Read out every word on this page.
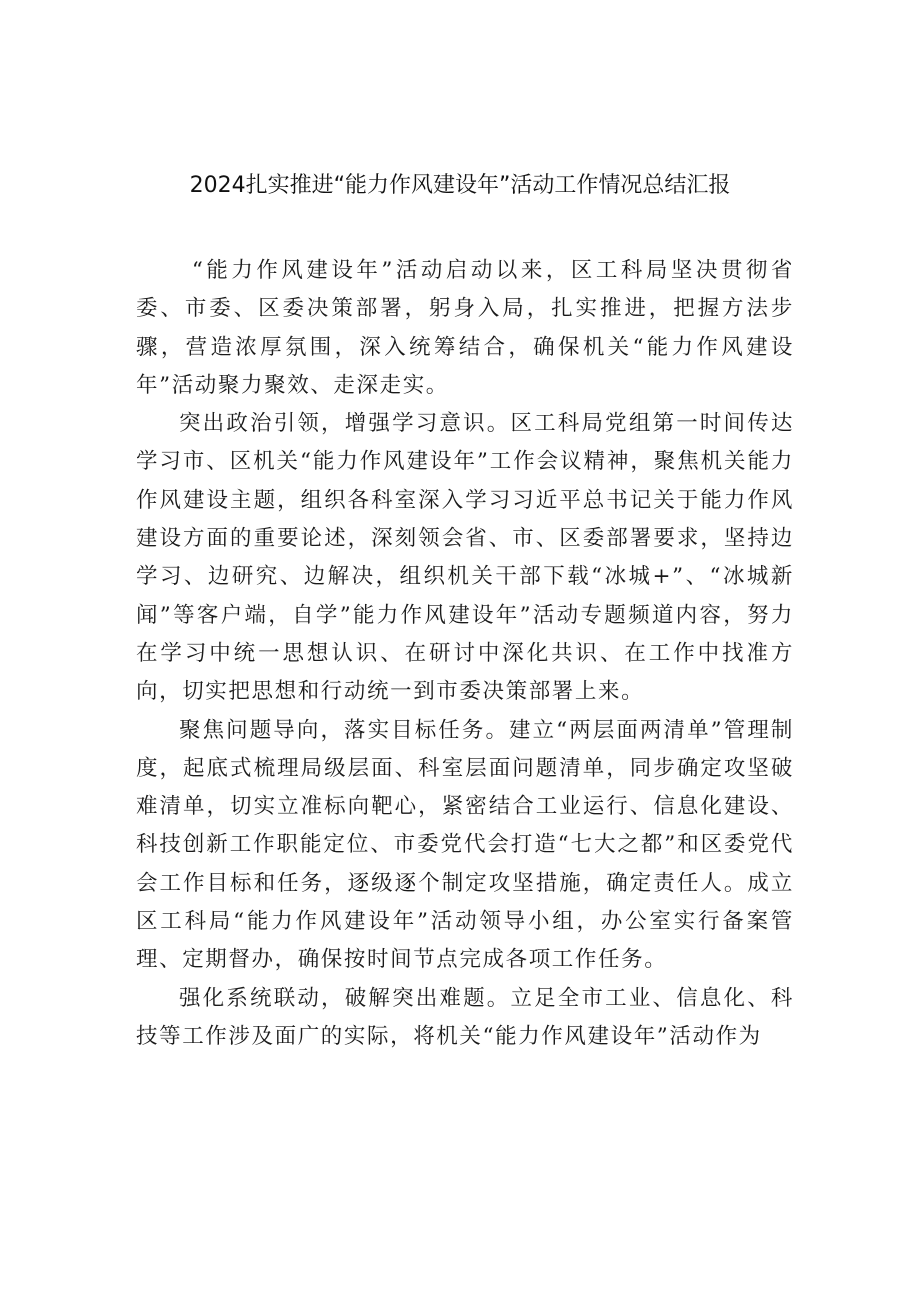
2024扎实推进“能力作风建设年”活动工作情况总结汇报

“能力作风建设年”活动启动以来，区工科局坚决贯彻省委、市委、区委决策部署，躬身入局，扎实推进，把握方法步骤，营造浓厚氛围，深入统筹结合，确保机关“能力作风建设年”活动聚力聚效、走深走实。

突出政治引领，增强学习意识。区工科局党组第一时间传达学习市、区机关“能力作风建设年”工作会议精神，聚焦机关能力作风建设主题，组织各科室深入学习习近平总书记关于能力作风建设方面的重要论述，深刻领会省、市、区委部署要求，坚持边学习、边研究、边解决，组织机关干部下载“冰城+”、“冰城新闻”等客户端，自学”能力作风建设年”活动专题频道内容，努力在学习中统一思想认识、在研讨中深化共识、在工作中找准方向，切实把思想和行动统一到市委决策部署上来。

聚焦问题导向，落实目标任务。建立“两层面两清单”管理制度，起底式梳理局级层面、科室层面问题清单，同步确定攻坚破难清单，切实立准标向靶心，紧密结合工业运行、信息化建设、科技创新工作职能定位、市委党代会打造“七大之都”和区委党代会工作目标和任务，逐级逐个制定攻坚措施，确定责任人。成立区工科局“能力作风建设年”活动领导小组，办公室实行备案管理、定期督办，确保按时间节点完成各项工作任务。

强化系统联动，破解突出难题。立足全市工业、信息化、科技等工作涉及面广的实际，将机关“能力作风建设年”活动作为
